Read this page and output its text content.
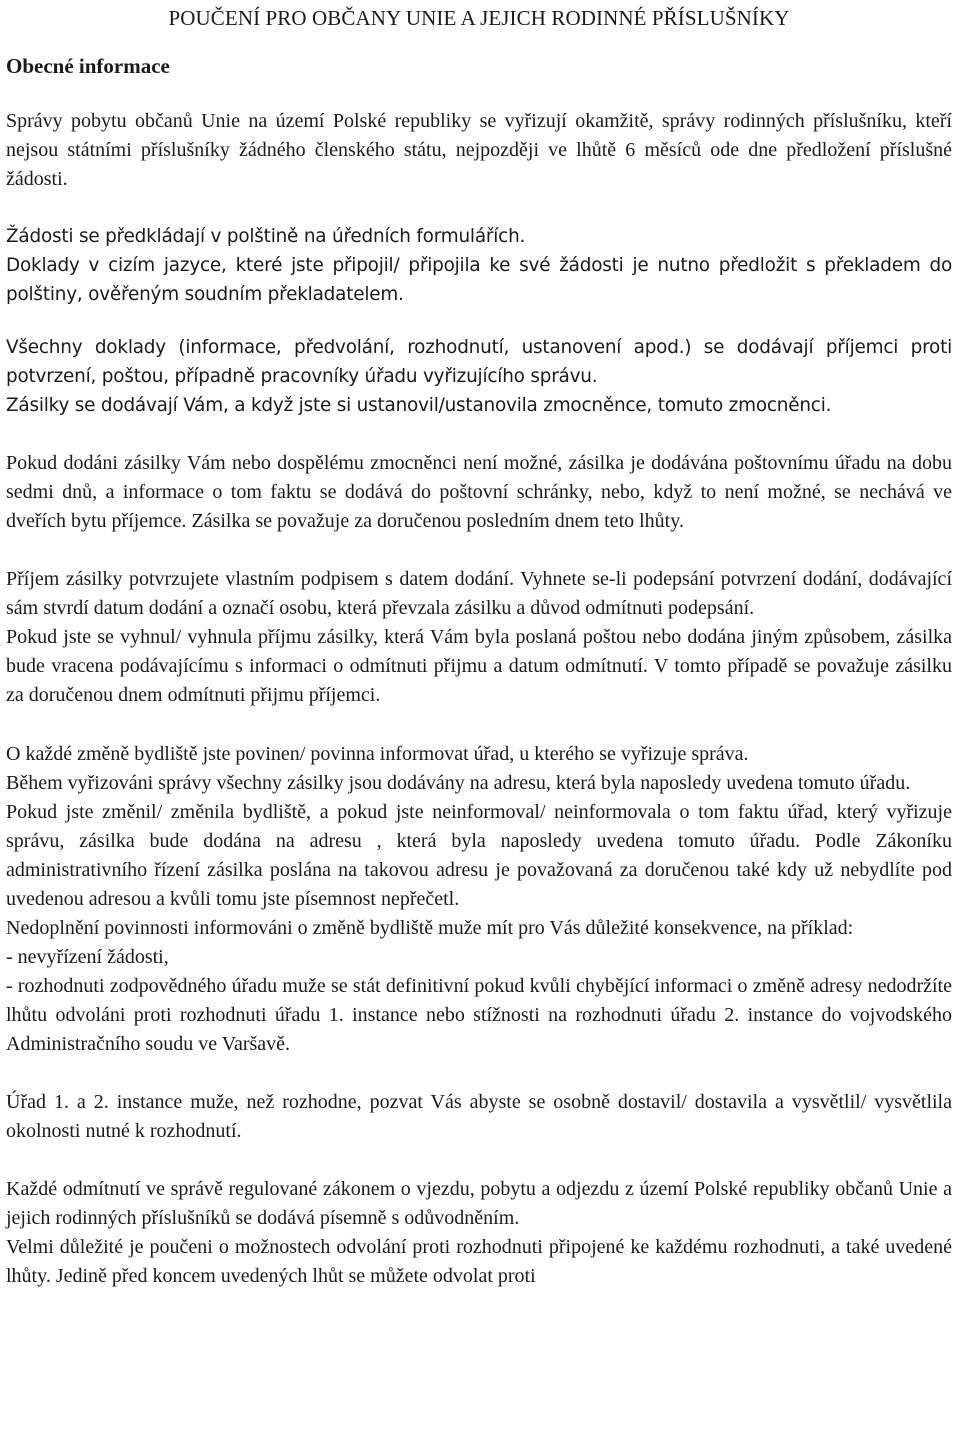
POUČENÍ PRO OBČANY UNIE A JEJICH RODINNÉ PŘÍSLUŠNÍKY
Obecné informace

Správy pobytu občanů Unie na území Polské republiky se vyřizují okamžitě, správy rodinných příslušníku, kteří nejsou státními příslušníky žádného členského státu, nejpozději ve lhůtě 6 měsíců ode dne předložení příslušné žádosti.

Žádosti se předkládají v polštině na úředních formulářích.

Doklady v cizím jazyce, které jste připojil/ připojila ke své žádosti je nutno předložit s překladem do polštiny, ověřeným soudním překladatelem.

Všechny doklady (informace, předvolání, rozhodnutí, ustanovení apod.) se dodávají příjemci proti potvrzení, poštou, případně pracovníky úřadu vyřizujícího správu.

Zásilky se dodávají Vám, a když jste si ustanovil/ustanovila zmocněnce, tomuto zmocněnci.

Pokud dodáni zásilky Vám nebo dospělému zmocněnci není možné, zásilka je dodávána poštovnímu úřadu na dobu sedmi dnů, a informace o tom faktu se dodává do poštovní schránky, nebo, když to není možné, se nechává ve dveřích bytu příjemce. Zásilka se považuje za doručenou posledním dnem teto lhůty.

Příjem zásilky potvrzujete vlastním podpisem s datem dodání. Vyhnete se-li podepsání potvrzení dodání, dodávající sám stvrdí datum dodání a označí osobu, která převzala zásilku a důvod odmítnuti podepsání.

Pokud jste se vyhnul/ vyhnula příjmu zásilky, která Vám byla poslaná poštou nebo dodána jiným způsobem, zásilka bude vracena podávajícímu s informaci o odmítnuti přijmu a datum odmítnutí. V tomto případě se považuje zásilku za doručenou dnem odmítnuti přijmu příjemci.

O každé změně bydliště jste povinen/ povinna informovat úřad, u kterého se vyřizuje správa.

Během vyřizováni správy všechny zásilky jsou dodávány na adresu, která byla naposledy uvedena tomuto úřadu.

Pokud jste změnil/ změnila bydliště, a pokud jste neinformoval/ neinformovala o tom faktu úřad, který vyřizuje správu, zásilka bude dodána na adresu , která byla naposledy uvedena tomuto úřadu. Podle Zákoníku administrativního řízení zásilka poslána na takovou adresu je považovaná za doručenou také kdy už nebydlíte pod uvedenou adresou a kvůli tomu jste písemnost nepřečetl.

Nedoplnění povinnosti informováni o změně bydliště muže mít pro Vás důležité konsekvence, na příklad:

- nevyřízení žádosti,

- rozhodnuti zodpovědného úřadu muže se stát definitivní pokud kvůli chybějící informaci o změně adresy nedodržíte lhůtu odvoláni proti rozhodnuti úřadu 1. instance nebo stížnosti na rozhodnuti úřadu 2. instance do vojvodského Administračního soudu ve Varšavě.

Úřad 1. a 2. instance muže, než rozhodne, pozvat Vás abyste se osobně dostavil/ dostavila a vysvětlil/ vysvětlila okolnosti nutné k rozhodnutí.

Každé odmítnutí ve správě regulované zákonem o vjezdu, pobytu a odjezdu z území Polské republiky občanů Unie a jejich rodinných příslušníků se dodává písemně s odůvodněním.

Velmi důležité je poučeni o možnostech odvolání proti rozhodnuti připojené ke každému rozhodnuti, a také uvedené lhůty. Jedině před koncem uvedených lhůt se můžete odvolat proti
